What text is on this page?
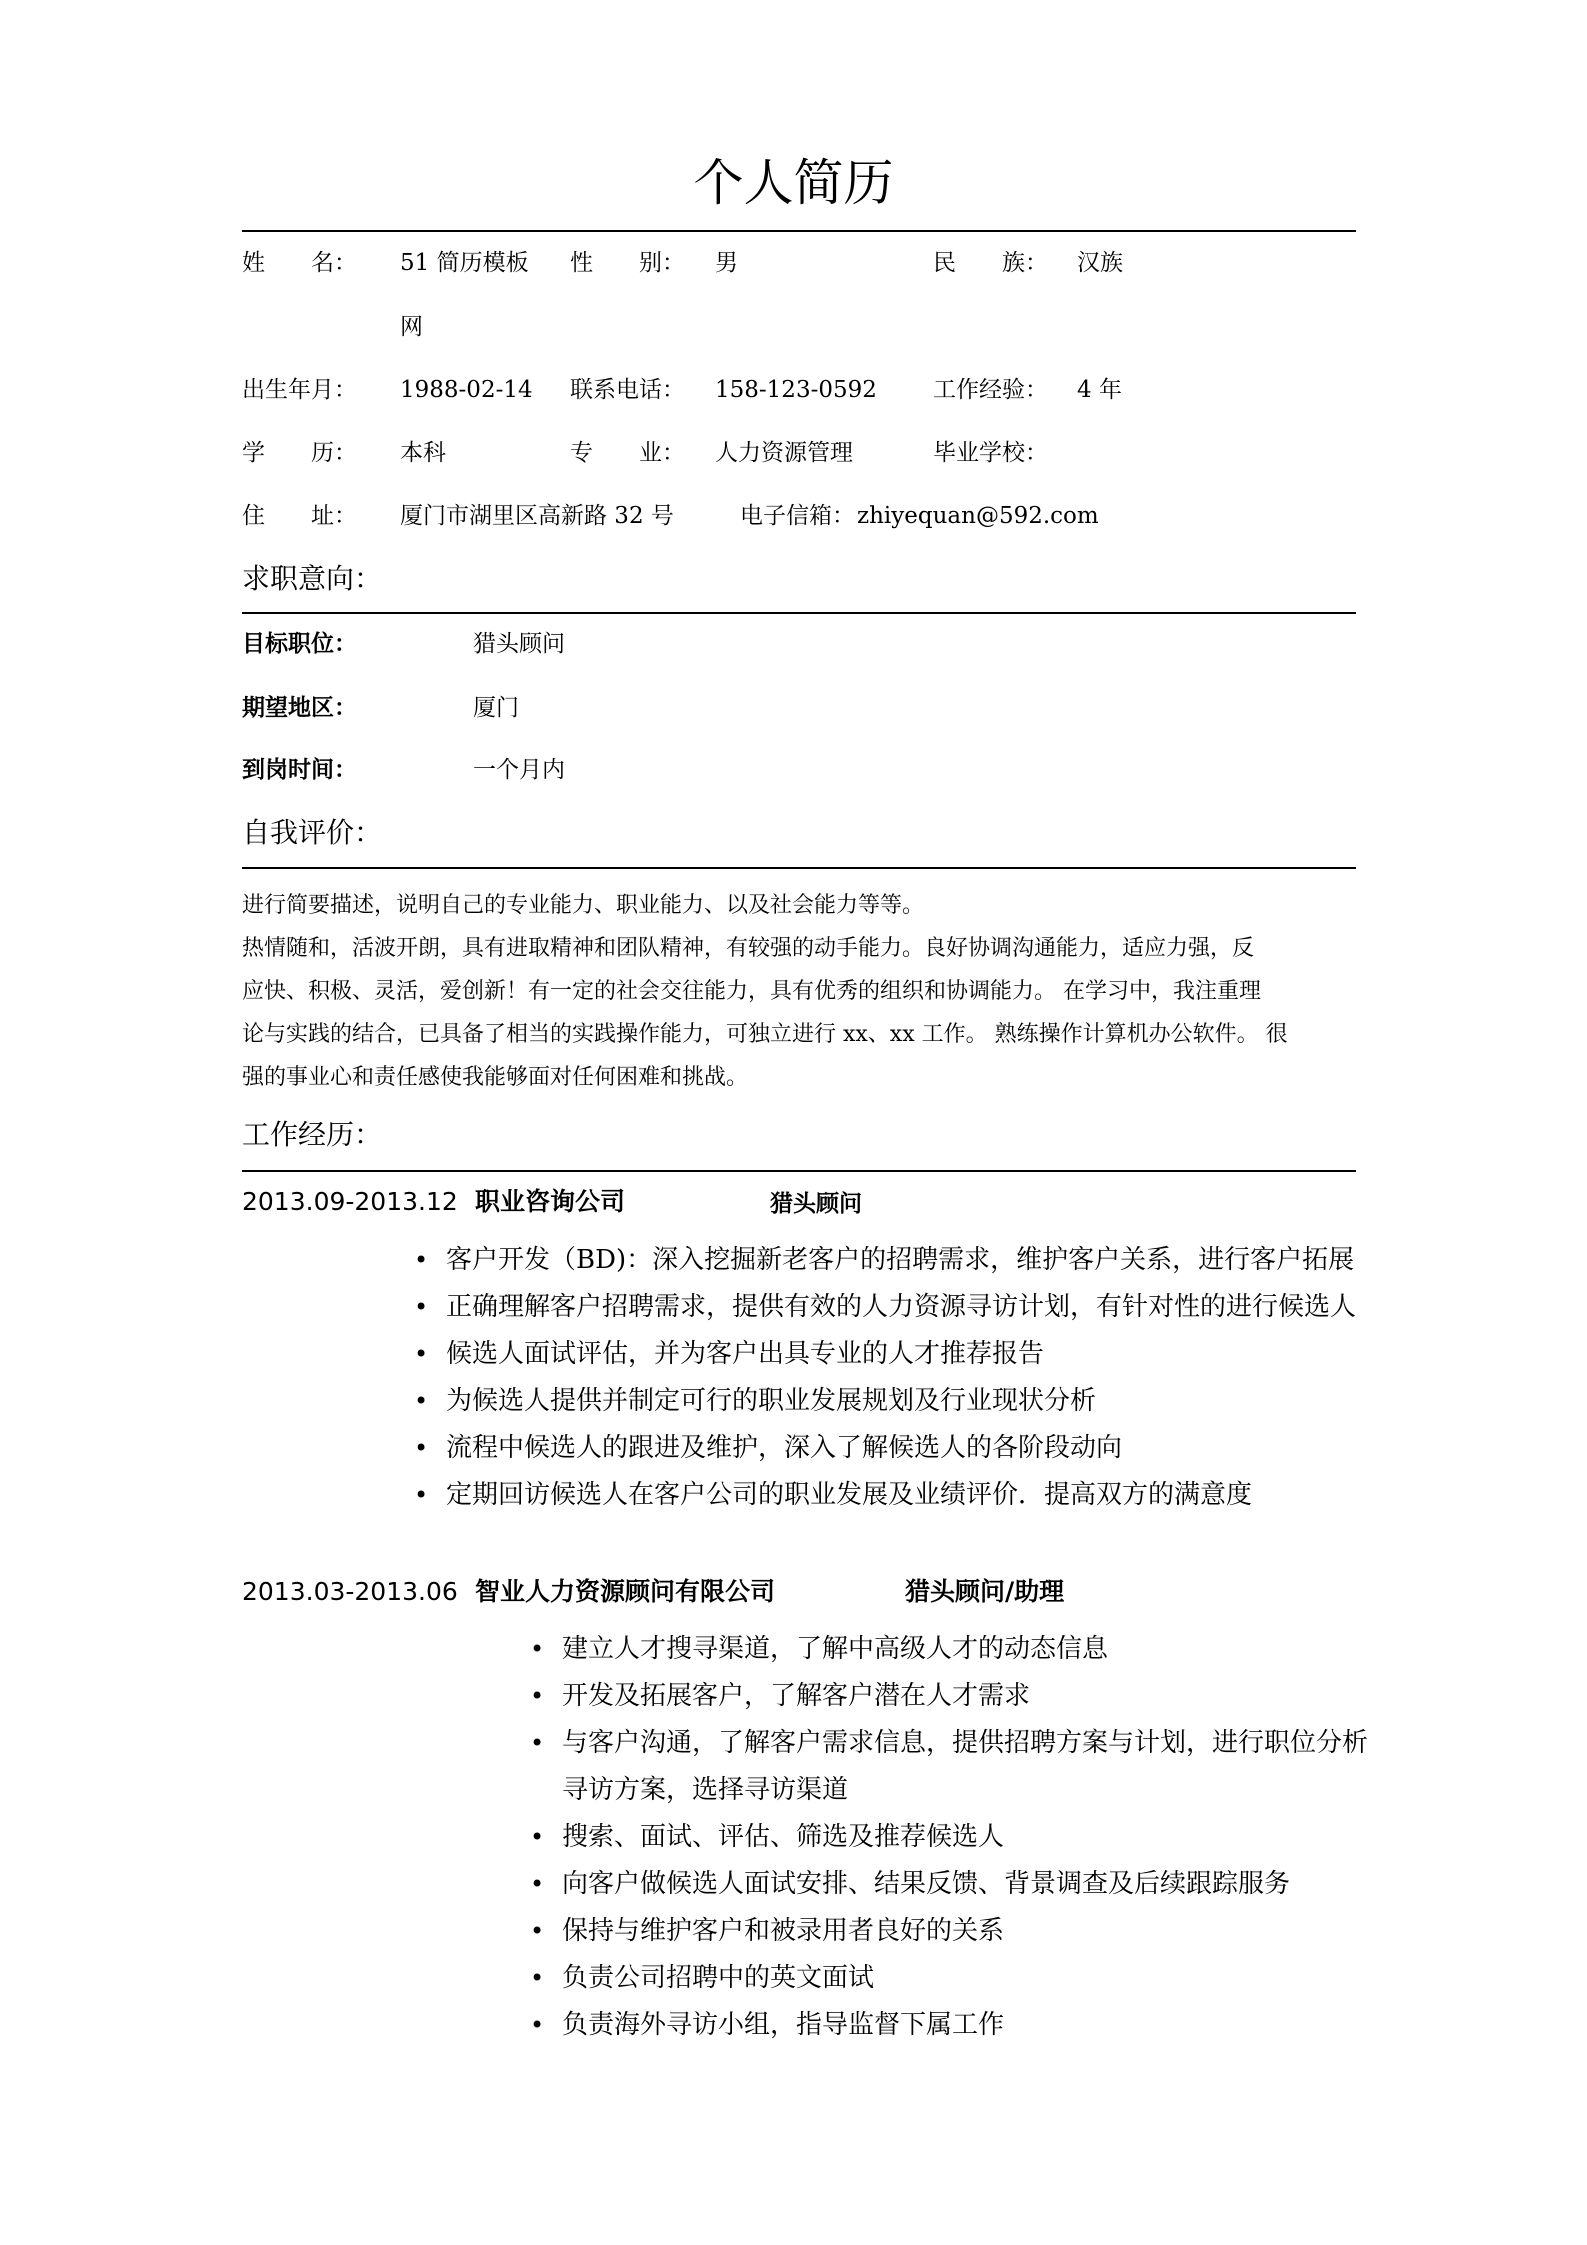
个人简历
姓　　名： 51 简历模板
网
性　　别： 男	民　　族： 汉族
出生年月： 1988-02-14 联系电话： 158-123-0592 工作经验： 4 年
学　　历： 本科	专　　业： 人力资源管理	毕业学校：
住　　址： 厦门市湖里区高新路 32 号	电子信箱： zhiyequan@592.com
求职意向：
目标职位：	猎头顾问
期望地区：	厦门
到岗时间：	一个月内
自我评价：

进行简要描述，说明自己的专业能力、职业能力、以及社会能力等等。

热情随和，活波开朗，具有进取精神和团队精神，有较强的动手能力。良好协调沟通能力，适应力强，反

应快、积极、灵活，爱创新！有一定的社会交往能力，具有优秀的组织和协调能力。 在学习中，我注重理

论与实践的结合，已具备了相当的实践操作能力，可独立进行 xx、xx 工作。 熟练操作计算机办公软件。 很

强的事业心和责任感使我能够面对任何困难和挑战。

工作经历：
2013.09-2013.12 职业咨询公司	猎头顾问
• 客户开发（BD)：深入挖掘新老客户的招聘需求，维护客户关系，进行客户拓展
• 正确理解客户招聘需求，提供有效的人力资源寻访计划，有针对性的进行候选人
• 候选人面试评估，并为客户出具专业的人才推荐报告
• 为候选人提供并制定可行的职业发展规划及行业现状分析
• 流程中候选人的跟进及维护，深入了解候选人的各阶段动向
• 定期回访候选人在客户公司的职业发展及业绩评价．提高双方的满意度
2013.03-2013.06 智业人力资源顾问有限公司	猎头顾问/助理
• 建立人才搜寻渠道，了解中高级人才的动态信息
• 开发及拓展客户，了解客户潜在人才需求
• 与客户沟通，了解客户需求信息，提供招聘方案与计划，进行职位分析
寻访方案，选择寻访渠道
• 搜索、面试、评估、筛选及推荐候选人
• 向客户做候选人面试安排、结果反馈、背景调查及后续跟踪服务
• 保持与维护客户和被录用者良好的关系
• 负责公司招聘中的英文面试
• 负责海外寻访小组，指导监督下属工作
